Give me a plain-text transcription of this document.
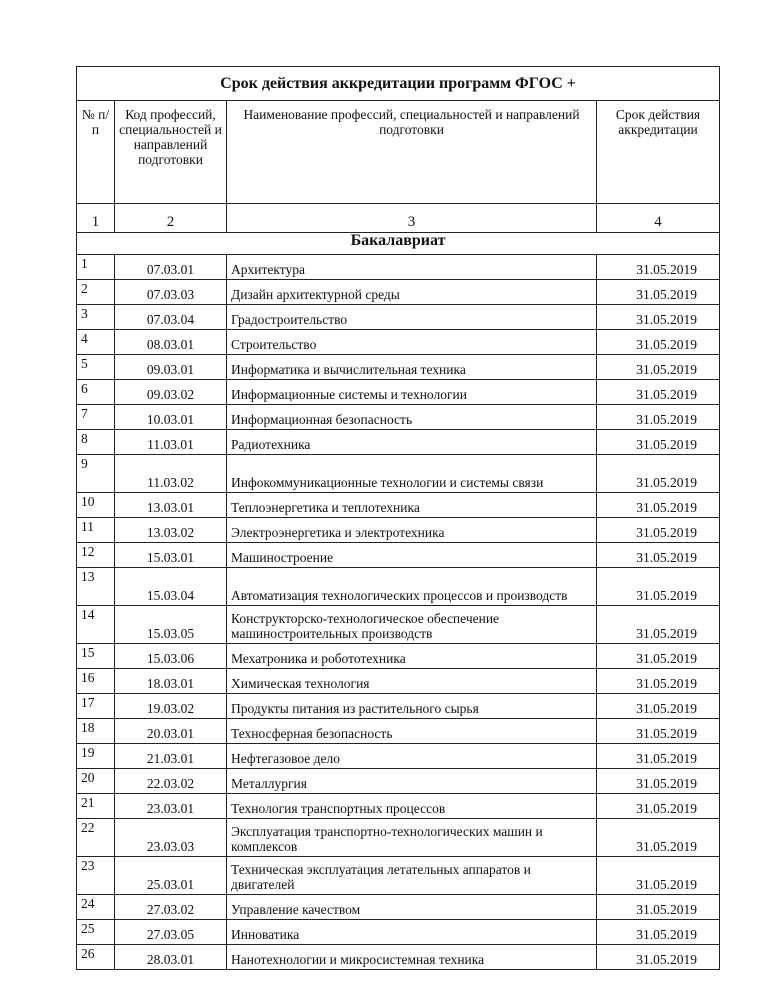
Срок действия аккредитации программ ФГОС +			
№ п/п	Код профессий, специальностей и направлений подготовки	Наименование профессий, специальностей и направлений подготовки	Срок действия аккредитации
1	2	3	4
Бакалавриат			
1	07.03.01	Архитектура	31.05.2019
2	07.03.03	Дизайн архитектурной среды	31.05.2019
3	07.03.04	Градостроительство	31.05.2019
4	08.03.01	Строительство	31.05.2019
5	09.03.01	Информатика и вычислительная техника	31.05.2019
6	09.03.02	Информационные системы и технологии	31.05.2019
7	10.03.01	Информационная безопасность	31.05.2019
8	11.03.01	Радиотехника	31.05.2019
9	11.03.02	Инфокоммуникационные технологии и системы связи	31.05.2019
10	13.03.01	Теплоэнергетика и теплотехника	31.05.2019
11	13.03.02	Электроэнергетика и электротехника	31.05.2019
12	15.03.01	Машиностроение	31.05.2019
13	15.03.04	Автоматизация технологических процессов и производств	31.05.2019
14	15.03.05	Конструкторско-технологическое обеспечение машиностроительных производств	31.05.2019
15	15.03.06	Мехатроника и робототехника	31.05.2019
16	18.03.01	Химическая технология	31.05.2019
17	19.03.02	Продукты питания из растительного сырья	31.05.2019
18	20.03.01	Техносферная безопасность	31.05.2019
19	21.03.01	Нефтегазовое дело	31.05.2019
20	22.03.02	Металлургия	31.05.2019
21	23.03.01	Технология транспортных процессов	31.05.2019
22	23.03.03	Эксплуатация транспортно-технологических машин и комплексов	31.05.2019
23	25.03.01	Техническая эксплуатация летательных аппаратов и двигателей	31.05.2019
24	27.03.02	Управление качеством	31.05.2019
25	27.03.05	Инноватика	31.05.2019
26	28.03.01	Нанотехнологии и микросистемная техника	31.05.2019
